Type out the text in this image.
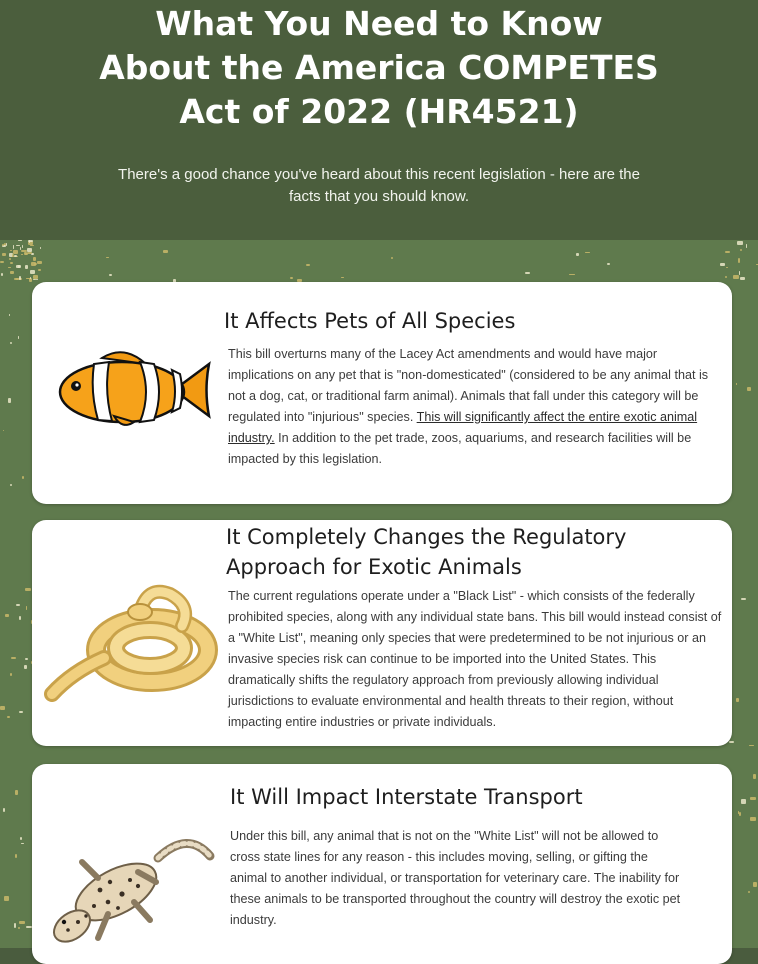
What You Need to Know
About the America COMPETES
Act of 2022 (HR4521)
There's a good chance you've heard about this recent legislation - here are the
facts that you should know.
It Affects Pets of All Species
This bill overturns many of the Lacey Act amendments and would have major implications on any pet that is "non-domesticated" (considered to be any animal that is not a dog, cat, or traditional farm animal). Animals that fall under this category will be regulated into "injurious" species. This will significantly affect the entire exotic animal industry. In addition to the pet trade, zoos, aquariums, and research facilities will be impacted by this legislation.
It Completely Changes the Regulatory
Approach for Exotic Animals
The current regulations operate under a "Black List" - which consists of the federally prohibited species, along with any individual state bans. This bill would instead consist of a "White List", meaning only species that were predetermined to be not injurious or an invasive species risk can continue to be imported into the United States. This dramatically shifts the regulatory approach from previously allowing individual jurisdictions to evaluate environmental and health threats to their region, without impacting entire industries or private individuals.
It Will Impact Interstate Transport
Under this bill, any animal that is not on the "White List" will not be allowed to cross state lines for any reason - this includes moving, selling, or gifting the animal to another individual, or transportation for veterinary care. The inability for these animals to be transported throughout the country will destroy the exotic pet industry.
